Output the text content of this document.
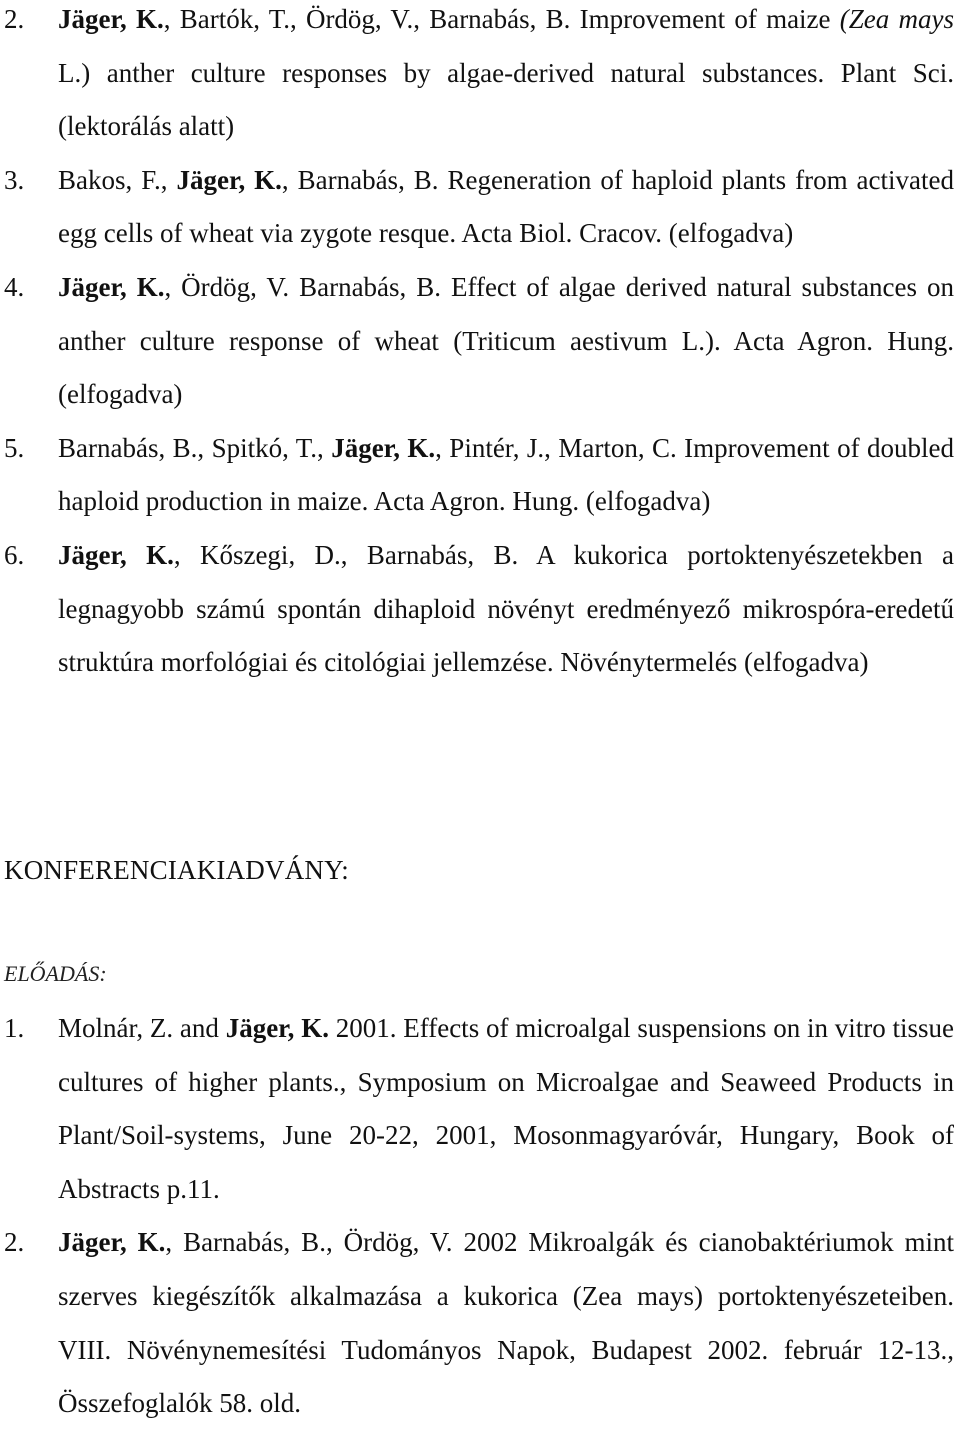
2. Jäger, K., Bartók, T., Ördög, V., Barnabás, B. Improvement of maize (Zea mays L.) anther culture responses by algae-derived natural substances. Plant Sci. (lektorálás alatt)
3. Bakos, F., Jäger, K., Barnabás, B. Regeneration of haploid plants from activated egg cells of wheat via zygote resque. Acta Biol. Cracov. (elfogadva)
4. Jäger, K., Ördög, V. Barnabás, B. Effect of algae derived natural substances on anther culture response of wheat (Triticum aestivum L.). Acta Agron. Hung. (elfogadva)
5. Barnabás, B., Spitkó, T., Jäger, K., Pintér, J., Marton, C. Improvement of doubled haploid production in maize. Acta Agron. Hung. (elfogadva)
6. Jäger, K., Kőszegi, D., Barnabás, B. A kukorica portoktenyészetekben a legnagyobb számú spontán dihaploid növényt eredményező mikrospóra-eredetű struktúra morfológiai és citológiai jellemzése. Növénytermelés (elfogadva)
KONFERENCIAKIADVÁNY:
ELŐADÁS:
1. Molnár, Z. and Jäger, K. 2001. Effects of microalgal suspensions on in vitro tissue cultures of higher plants., Symposium on Microalgae and Seaweed Products in Plant/Soil-systems, June 20-22, 2001, Mosonmagyaróvár, Hungary, Book of Abstracts p.11.
2. Jäger, K., Barnabás, B., Ördög, V. 2002 Mikroalgák és cianobaktériumok mint szerves kiegészítők alkalmazása a kukorica (Zea mays) portoktenyészeteiben. VIII. Növénynemesítési Tudományos Napok, Budapest 2002. február 12-13., Összefoglalók 58. old.
